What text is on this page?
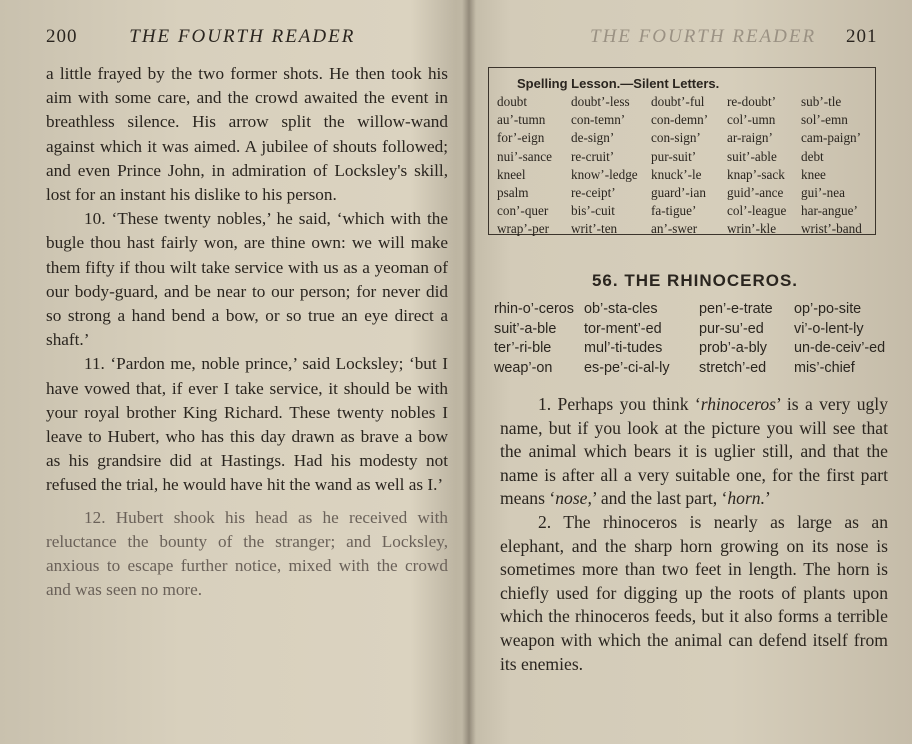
200	THE FOURTH READER

a little frayed by the two former shots. He then took his aim with some care, and the crowd awaited the event in breathless silence. His arrow split the willow-wand against which it was aimed. A jubilee of shouts followed; and even Prince John, in admiration of Locksley's skill, lost for an instant his dislike to his person.

10. ‘These twenty nobles,’ he said, ‘which with the bugle thou hast fairly won, are thine own: we will make them fifty if thou wilt take service with us as a yeoman of our body-guard, and be near to our person; for never did so strong a hand bend a bow, or so true an eye direct a shaft.’

11. ‘Pardon me, noble prince,’ said Locksley; ‘but I have vowed that, if ever I take service, it should be with your royal brother King Richard. These twenty nobles I leave to Hubert, who has this day drawn as brave a bow as his grandsire did at Hastings. Had his modesty not refused the trial, he would have hit the wand as well as I.’

12. Hubert shook his head as he received with reluctance the bounty of the stranger; and Locksley, anxious to escape further notice, mixed with the crowd and was seen no more.

THE FOURTH READER 201
Spelling Lesson.—Silent Letters.
doubt	doubt’-less	doubt’-ful	re-doubt’	sub’-tle
au’-tumn	con-temn’	con-demn’	col’-umn	sol’-emn
for’-eign	de-sign’	con-sign’	ar-raign’	cam-paign’
nui’-sance	re-cruit’	pur-suit’	suit’-able	debt
kneel	know’-ledge	knuck’-le	knap’-sack	knee
psalm	re-ceipt’	guard’-ian	guid’-ance	gui’-nea
con’-quer	bis’-cuit	fa-tigue’	col’-league	har-angue’
wrap’-per	writ’-ten	an’-swer	wrin’-kle	wrist’-band
56. THE RHINOCEROS.
rhin-o’-ceros ob’-sta-cles	pen’-e-trate	op’-po-site
suit’-a-ble	tor-ment’-ed	pur-su’-ed	vi’-o-lent-ly
ter’-ri-ble	mul’-ti-tudes	prob’-a-bly	un-de-ceiv’-ed
weap’-on	es-pe’-ci-al-ly	stretch’-ed	mis’-chief

1. Perhaps you think ‘rhinoceros’ is a very ugly name, but if you look at the picture you will see that the animal which bears it is uglier still, and that the name is after all a very suitable one, for the first part means ‘nose,’ and the last part, ‘horn.’

2. The rhinoceros is nearly as large as an elephant, and the sharp horn growing on its nose is sometimes more than two feet in length. The horn is chiefly used for digging up the roots of plants upon which the rhinoceros feeds, but it also forms a terrible weapon with which the animal can defend itself from its enemies.
